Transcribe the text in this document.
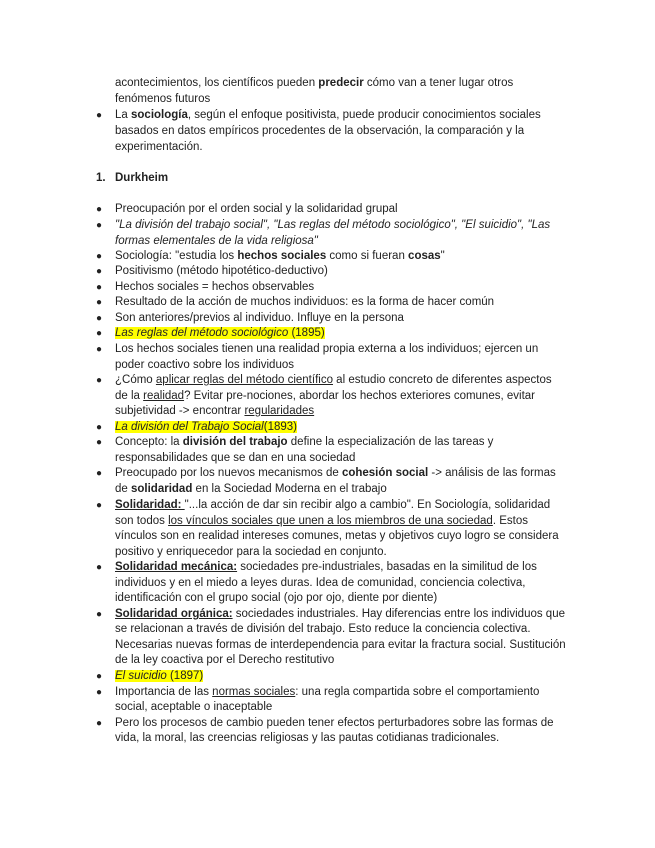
acontecimientos, los científicos pueden predecir cómo van a tener lugar otros
fenómenos futuros
● La sociología, según el enfoque positivista, puede producir conocimientos sociales
basados en datos empíricos procedentes de la observación, la comparación y la
experimentación.
1. Durkheim
● Preocupación por el orden social y la solidaridad grupal
● "La división del trabajo social", "Las reglas del método sociológico", "El suicidio", "Las
formas elementales de la vida religiosa"
● Sociología: "estudia los hechos sociales como si fueran cosas"
● Positivismo (método hipotético-deductivo)
● Hechos sociales = hechos observables
● Resultado de la acción de muchos individuos: es la forma de hacer común
● Son anteriores/previos al individuo. Influye en la persona
● Las reglas del método sociológico (1895)
● Los hechos sociales tienen una realidad propia externa a los individuos; ejercen un
poder coactivo sobre los individuos
● ¿Cómo aplicar reglas del método científico al estudio concreto de diferentes aspectos
de la realidad? Evitar pre-nociones, abordar los hechos exteriores comunes, evitar
subjetividad -> encontrar regularidades
● La división del Trabajo Social(1893)
● Concepto: la división del trabajo define la especialización de las tareas y
responsabilidades que se dan en una sociedad
● Preocupado por los nuevos mecanismos de cohesión social -> análisis de las formas
de solidaridad en la Sociedad Moderna en el trabajo
● Solidaridad: "...la acción de dar sin recibir algo a cambio". En Sociología, solidaridad
son todos los vínculos sociales que unen a los miembros de una sociedad. Estos
vínculos son en realidad intereses comunes, metas y objetivos cuyo logro se considera
positivo y enriquecedor para la sociedad en conjunto.
● Solidaridad mecánica: sociedades pre-industriales, basadas en la similitud de los
individuos y en el miedo a leyes duras. Idea de comunidad, conciencia colectiva,
identificación con el grupo social (ojo por ojo, diente por diente)
● Solidaridad orgánica: sociedades industriales. Hay diferencias entre los individuos que
se relacionan a través de división del trabajo. Esto reduce la conciencia colectiva.
Necesarias nuevas formas de interdependencia para evitar la fractura social. Sustitución
de la ley coactiva por el Derecho restitutivo
● El suicidio (1897)
● Importancia de las normas sociales: una regla compartida sobre el comportamiento
social, aceptable o inaceptable
● Pero los procesos de cambio pueden tener efectos perturbadores sobre las formas de
vida, la moral, las creencias religiosas y las pautas cotidianas tradicionales.
